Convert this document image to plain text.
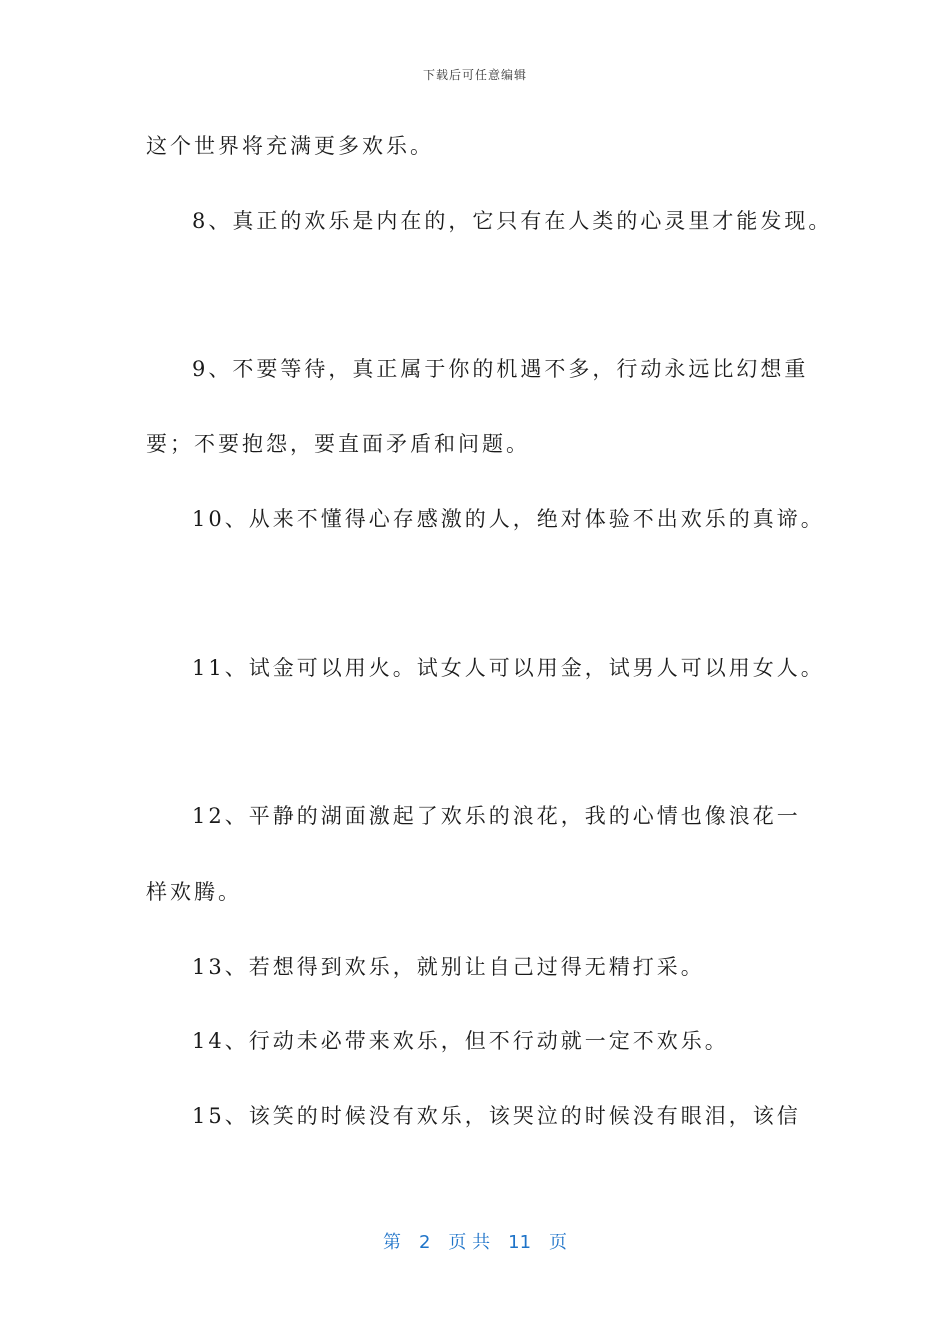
下载后可任意编辑
这个世界将充满更多欢乐。
8、真正的欢乐是内在的，它只有在人类的心灵里才能发现。
9、不要等待，真正属于你的机遇不多，行动永远比幻想重
要；不要抱怨，要直面矛盾和问题。
10、从来不懂得心存感激的人，绝对体验不出欢乐的真谛。
11、试金可以用火。试女人可以用金，试男人可以用女人。
12、平静的湖面激起了欢乐的浪花，我的心情也像浪花一
样欢腾。
13、若想得到欢乐，就别让自己过得无精打采。
14、行动未必带来欢乐，但不行动就一定不欢乐。
15、该笑的时候没有欢乐，该哭泣的时候没有眼泪，该信
第 2 页 共 11 页
